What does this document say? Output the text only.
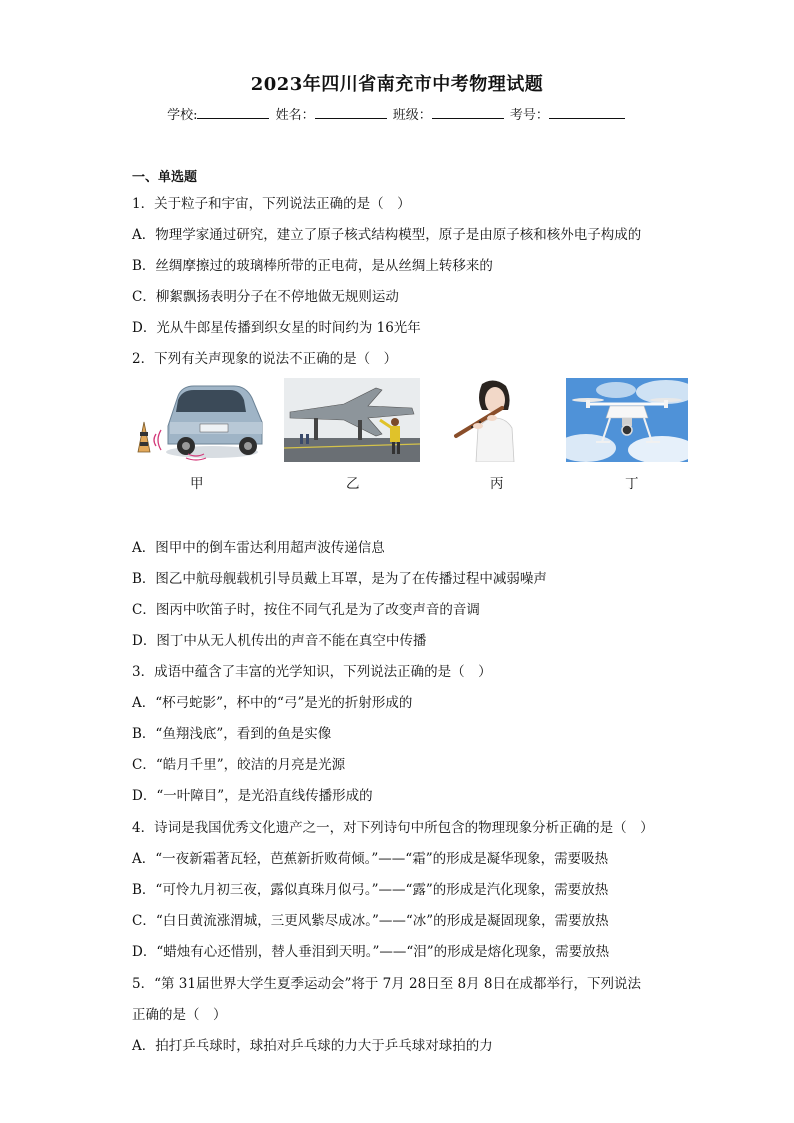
2023年四川省南充市中考物理试题
学校:	姓名：	班级：	考号：
一、单选题
1．关于粒子和宇宙，下列说法正确的是（　）
A．物理学家通过研究，建立了原子核式结构模型，原子是由原子核和核外电子构成的
B．丝绸摩擦过的玻璃棒所带的正电荷，是从丝绸上转移来的
C．柳絮飘扬表明分子在不停地做无规则运动
D．光从牛郎星传播到织女星的时间约为 16光年
2．下列有关声现象的说法不正确的是（　）
甲	乙	丙	丁
A．图甲中的倒车雷达利用超声波传递信息
B．图乙中航母舰载机引导员戴上耳罩，是为了在传播过程中减弱噪声
C．图丙中吹笛子时，按住不同气孔是为了改变声音的音调
D．图丁中从无人机传出的声音不能在真空中传播
3．成语中蕴含了丰富的光学知识，下列说法正确的是（　）
A．“杯弓蛇影”，杯中的“弓”是光的折射形成的
B．“鱼翔浅底”，看到的鱼是实像
C．“皓月千里”，皎洁的月亮是光源
D．“一叶障目”，是光沿直线传播形成的
4．诗词是我国优秀文化遗产之一，对下列诗句中所包含的物理现象分析正确的是（　）
A．“一夜新霜著瓦轻，芭蕉新折败荷倾。”——“霜”的形成是凝华现象，需要吸热
B．“可怜九月初三夜，露似真珠月似弓。”——“露”的形成是汽化现象，需要放热
C．“白日黄流涨渭城，三更风紫尽成冰。”——“冰”的形成是凝固现象，需要放热
D．“蜡烛有心还惜别，替人垂泪到天明。”——“泪”的形成是熔化现象，需要放热
5．“第 31届世界大学生夏季运动会”将于 7月 28日至 8月 8日在成都举行，下列说法
正确的是（　）
A．拍打乒乓球时，球拍对乒乓球的力大于乒乓球对球拍的力
